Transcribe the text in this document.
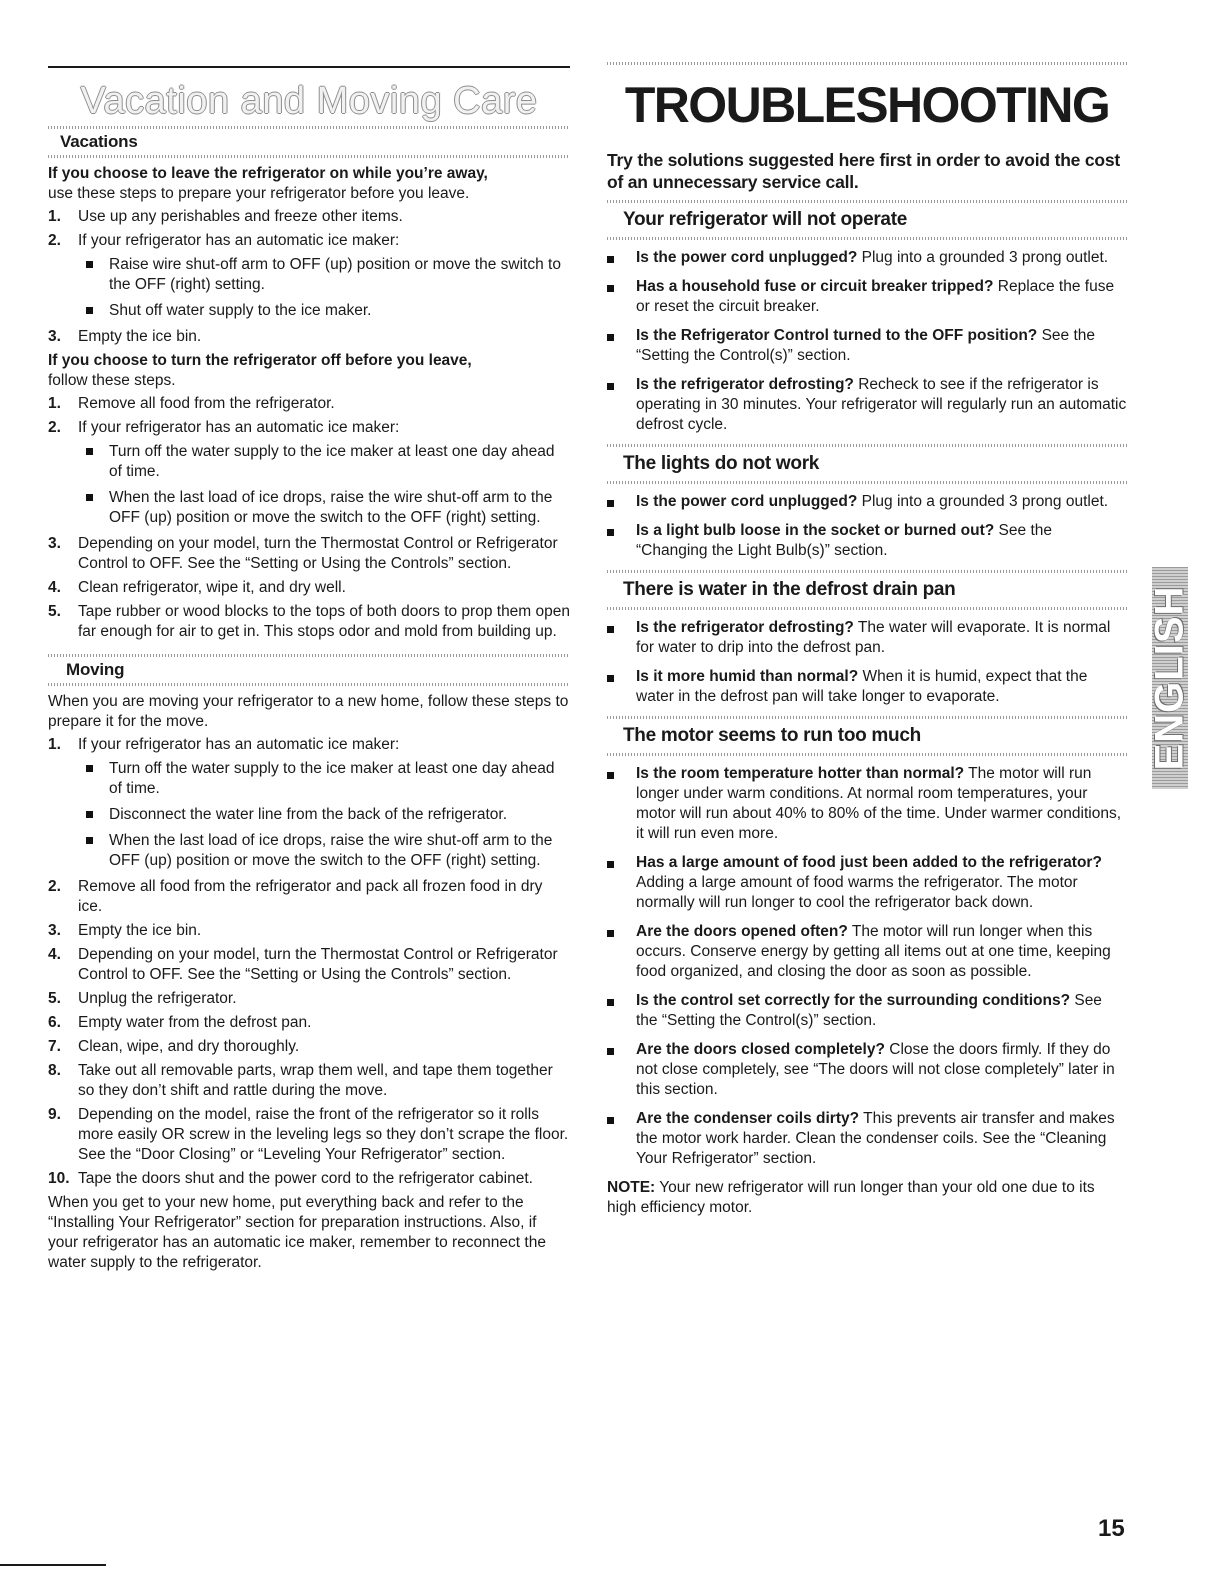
Vacation and Moving Care
Vacations

If you choose to leave the refrigerator on while you’re away,
use these steps to prepare your refrigerator before you leave.

1. Use up any perishables and freeze other items.
2. If your refrigerator has an automatic ice maker:
Raise wire shut-off arm to OFF (up) position or move the switch to the OFF (right) setting.
Shut off water supply to the ice maker.
3. Empty the ice bin.

If you choose to turn the refrigerator off before you leave,
follow these steps.

1. Remove all food from the refrigerator.
2. If your refrigerator has an automatic ice maker:
Turn off the water supply to the ice maker at least one day ahead of time.
When the last load of ice drops, raise the wire shut-off arm to the OFF (up) position or move the switch to the OFF (right) setting.
3. Depending on your model, turn the Thermostat Control or Refrigerator Control to OFF. See the “Setting or Using the Controls” section.
4. Clean refrigerator, wipe it, and dry well.
5. Tape rubber or wood blocks to the tops of both doors to prop them open far enough for air to get in. This stops odor and mold from building up.
Moving

When you are moving your refrigerator to a new home, follow these steps to prepare it for the move.

1. If your refrigerator has an automatic ice maker:
Turn off the water supply to the ice maker at least one day ahead of time.
Disconnect the water line from the back of the refrigerator.
When the last load of ice drops, raise the wire shut-off arm to the OFF (up) position or move the switch to the OFF (right) setting.
2. Remove all food from the refrigerator and pack all frozen food in dry ice.
3. Empty the ice bin.
4. Depending on your model, turn the Thermostat Control or Refrigerator Control to OFF. See the “Setting or Using the Controls” section.
5. Unplug the refrigerator.
6. Empty water from the defrost pan.
7. Clean, wipe, and dry thoroughly.
8. Take out all removable parts, wrap them well, and tape them together so they don’t shift and rattle during the move.
9. Depending on the model, raise the front of the refrigerator so it rolls more easily OR screw in the leveling legs so they don’t scrape the floor. See the “Door Closing” or “Leveling Your Refrigerator” section.
10. Tape the doors shut and the power cord to the refrigerator cabinet.

When you get to your new home, put everything back and refer to the “Installing Your Refrigerator” section for preparation instructions. Also, if your refrigerator has an automatic ice maker, remember to reconnect the water supply to the refrigerator.

TROUBLESHOOTING

Try the solutions suggested here first in order to avoid the cost of an unnecessary service call.

Your refrigerator will not operate
Is the power cord unplugged? Plug into a grounded 3 prong outlet.
Has a household fuse or circuit breaker tripped? Replace the fuse or reset the circuit breaker.
Is the Refrigerator Control turned to the OFF position? See the “Setting the Control(s)” section.
Is the refrigerator defrosting? Recheck to see if the refrigerator is operating in 30 minutes. Your refrigerator will regularly run an automatic defrost cycle.
The lights do not work
Is the power cord unplugged? Plug into a grounded 3 prong outlet.
Is a light bulb loose in the socket or burned out? See the “Changing the Light Bulb(s)” section.
There is water in the defrost drain pan
Is the refrigerator defrosting? The water will evaporate. It is normal for water to drip into the defrost pan.
Is it more humid than normal? When it is humid, expect that the water in the defrost pan will take longer to evaporate.
The motor seems to run too much
Is the room temperature hotter than normal? The motor will run longer under warm conditions. At normal room temperatures, your motor will run about 40% to 80% of the time. Under warmer conditions, it will run even more.
Has a large amount of food just been added to the refrigerator? Adding a large amount of food warms the refrigerator. The motor normally will run longer to cool the refrigerator back down.
Are the doors opened often? The motor will run longer when this occurs. Conserve energy by getting all items out at one time, keeping food organized, and closing the door as soon as possible.
Is the control set correctly for the surrounding conditions? See the “Setting the Control(s)” section.
Are the doors closed completely? Close the doors firmly. If they do not close completely, see “The doors will not close completely” later in this section.
Are the condenser coils dirty? This prevents air transfer and makes the motor work harder. Clean the condenser coils. See the “Cleaning Your Refrigerator” section.

NOTE: Your new refrigerator will run longer than your old one due to its high efficiency motor.

ENGLISH
15
